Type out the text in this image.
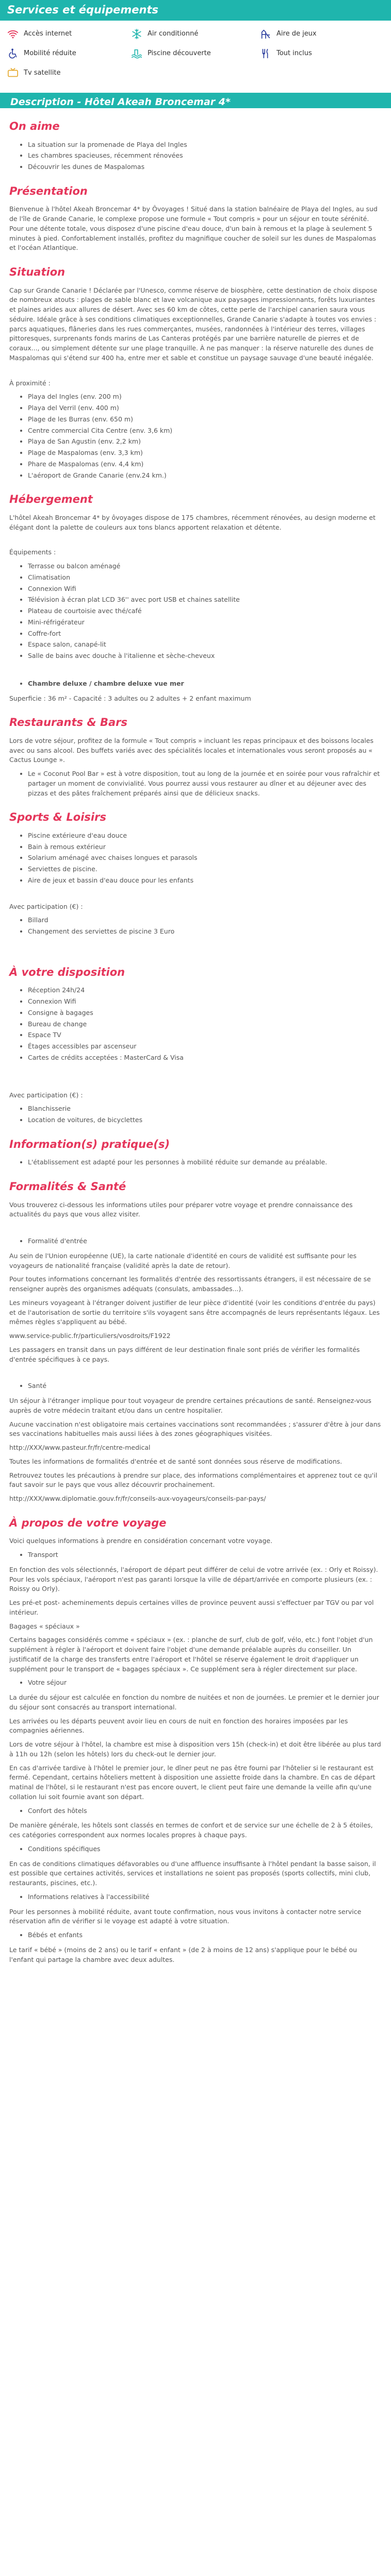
Services et équipements
Accès internet	Air conditionné	Aire de jeux
Mobilité réduite	Piscine découverte	Tout inclus
Tv satellite
Description - Hôtel Akeah Broncemar 4*
On aime
• La situation sur la promenade de Playa del Ingles
• Les chambres spacieuses, récemment rénovées
• Découvrir les dunes de Maspalomas
Présentation

Bienvenue à l'hôtel Akeah Broncemar 4* by Ôvoyages ! Situé dans la station balnéaire de Playa del Ingles, au sud de l'île de Grande Canarie, le complexe propose une formule « Tout compris » pour un séjour en toute sérénité. Pour une détente totale, vous disposez d'une piscine d'eau douce, d'un bain à remous et la plage à seulement 5 minutes à pied. Confortablement installés, profitez du magnifique coucher de soleil sur les dunes de Maspalomas et l'océan Atlantique.

Situation

Cap sur Grande Canarie ! Déclarée par l'Unesco, comme réserve de biosphère, cette destination de choix dispose de nombreux atouts : plages de sable blanc et lave volcanique aux paysages impressionnants, forêts luxuriantes et plaines arides aux allures de désert. Avec ses 60 km de côtes, cette perle de l'archipel canarien saura vous séduire. Idéale grâce à ses conditions climatiques exceptionnelles, Grande Canarie s'adapte à toutes vos envies : parcs aquatiques, flâneries dans les rues commerçantes, musées, randonnées à l'intérieur des terres, villages pittoresques, surprenants fonds marins de Las Canteras protégés par une barrière naturelle de pierres et de coraux..., ou simplement détente sur une plage tranquille. À ne pas manquer : la réserve naturelle des dunes de Maspalomas qui s'étend sur 400 ha, entre mer et sable et constitue un paysage sauvage d'une beauté inégalée.

À proximité :

• Playa del Ingles (env. 200 m)
• Playa del Verril (env. 400 m)
• Plage de les Burras (env. 650 m)
• Centre commercial Cita Centre (env. 3,6 km)
• Playa de San Agustin (env. 2,2 km)
• Plage de Maspalomas (env. 3,3 km)
• Phare de Maspalomas (env. 4,4 km)
• L'aéroport de Grande Canarie (env.24 km.)
Hébergement

L'hôtel Akeah Broncemar 4* by ôvoyages dispose de 175 chambres, récemment rénovées, au design moderne et élégant dont la palette de couleurs aux tons blancs apportent relaxation et détente.

Équipements :

• Terrasse ou balcon aménagé
• Climatisation
• Connexion Wifi
• Télévision à écran plat LCD 36'' avec port USB et chaines satellite
• Plateau de courtoisie avec thé/café
• Mini-réfrigérateur
• Coffre-fort
• Espace salon, canapé-lit
• Salle de bains avec douche à l'italienne et sèche-cheveux
• Chambre deluxe / chambre deluxe vue mer

Superficie : 36 m² - Capacité : 3 adultes ou 2 adultes + 2 enfant maximum

Restaurants & Bars

Lors de votre séjour, profitez de la formule « Tout compris » incluant les repas principaux et des boissons locales avec ou sans alcool. Des buffets variés avec des spécialités locales et internationales vous seront proposés au « Cactus Lounge ».

• Le « Coconut Pool Bar » est à votre disposition, tout au long de la journée et en soirée pour vous rafraîchir et partager un moment de convivialité. Vous pourrez aussi vous restaurer au dîner et au déjeuner avec des pizzas et des pâtes fraîchement préparés ainsi que de délicieux snacks.
Sports & Loisirs
• Piscine extérieure d'eau douce
• Bain à remous extérieur
• Solarium aménagé avec chaises longues et parasols
• Serviettes de piscine.
• Aire de jeux et bassin d'eau douce pour les enfants

Avec participation (€) :

• Billard
• Changement des serviettes de piscine 3 Euro
À votre disposition
• Réception 24h/24
• Connexion Wifi
• Consigne à bagages
• Bureau de change
• Espace TV
• Étages accessibles par ascenseur
• Cartes de crédits acceptées : MasterCard & Visa

Avec participation (€) :

• Blanchisserie
• Location de voitures, de bicyclettes
Information(s) pratique(s)
• L'établissement est adapté pour les personnes à mobilité réduite sur demande au préalable.
Formalités & Santé

Vous trouverez ci-dessous les informations utiles pour préparer votre voyage et prendre connaissance des actualités du pays que vous allez visiter.

• Formalité d'entrée

Au sein de l'Union européenne (UE), la carte nationale d'identité en cours de validité est suffisante pour les voyageurs de nationalité française (validité après la date de retour).

Pour toutes informations concernant les formalités d'entrée des ressortissants étrangers, il est nécessaire de se renseigner auprès des organismes adéquats (consulats, ambassades...).

Les mineurs voyageant à l'étranger doivent justifier de leur pièce d'identité (voir les conditions d'entrée du pays) et de l'autorisation de sortie du territoire s'ils voyagent sans être accompagnés de leurs représentants légaux. Les mêmes règles s'appliquent au bébé.

www.service-public.fr/particuliers/vosdroits/F1922

Les passagers en transit dans un pays différent de leur destination finale sont priés de vérifier les formalités d'entrée spécifiques à ce pays.

• Santé

Un séjour à l'étranger implique pour tout voyageur de prendre certaines précautions de santé. Renseignez-vous auprès de votre médecin traitant et/ou dans un centre hospitalier.

Aucune vaccination n'est obligatoire mais certaines vaccinations sont recommandées ; s'assurer d'être à jour dans ses vaccinations habituelles mais aussi liées à des zones géographiques visitées.

http://XXX/www.pasteur.fr/fr/centre-medical

Toutes les informations de formalités d'entrée et de santé sont données sous réserve de modifications.

Retrouvez toutes les précautions à prendre sur place, des informations complémentaires et apprenez tout ce qu'il faut savoir sur le pays que vous allez découvrir prochainement.

http://XXX/www.diplomatie.gouv.fr/fr/conseils-aux-voyageurs/conseils-par-pays/

À propos de votre voyage

Voici quelques informations à prendre en considération concernant votre voyage.

• Transport

En fonction des vols sélectionnés, l'aéroport de départ peut différer de celui de votre arrivée (ex. : Orly et Roissy). Pour les vols spéciaux, l'aéroport n'est pas garanti lorsque la ville de départ/arrivée en comporte plusieurs (ex. : Roissy ou Orly).

Les pré-et post- acheminements depuis certaines villes de province peuvent aussi s'effectuer par TGV ou par vol intérieur.

Bagages « spéciaux »

Certains bagages considérés comme « spéciaux » (ex. : planche de surf, club de golf, vélo, etc.) font l'objet d'un supplément à régler à l'aéroport et doivent faire l'objet d'une demande préalable auprès du conseiller. Un justificatif de la charge des transferts entre l'aéroport et l'hôtel se réserve également le droit d'appliquer un supplément pour le transport de « bagages spéciaux ». Ce supplément sera à régler directement sur place.

• Votre séjour

La durée du séjour est calculée en fonction du nombre de nuitées et non de journées. Le premier et le dernier jour du séjour sont consacrés au transport international.

Les arrivées ou les départs peuvent avoir lieu en cours de nuit en fonction des horaires imposées par les compagnies aériennes.

Lors de votre séjour à l'hôtel, la chambre est mise à disposition vers 15h (check-in) et doit être libérée au plus tard à 11h ou 12h (selon les hôtels) lors du check-out le dernier jour.

En cas d'arrivée tardive à l'hôtel le premier jour, le dîner peut ne pas être fourni par l'hôtelier si le restaurant est fermé. Cependant, certains hôteliers mettent à disposition une assiette froide dans la chambre. En cas de départ matinal de l'hôtel, si le restaurant n'est pas encore ouvert, le client peut faire une demande la veille afin qu'une collation lui soit fournie avant son départ.

• Confort des hôtels

De manière générale, les hôtels sont classés en termes de confort et de service sur une échelle de 2 à 5 étoiles, ces catégories correspondent aux normes locales propres à chaque pays.

• Conditions spécifiques

En cas de conditions climatiques défavorables ou d'une affluence insuffisante à l'hôtel pendant la basse saison, il est possible que certaines activités, services et installations ne soient pas proposés (sports collectifs, mini club, restaurants, piscines, etc.).

• Informations relatives à l'accessibilité

Pour les personnes à mobilité réduite, avant toute confirmation, nous vous invitons à contacter notre service réservation afin de vérifier si le voyage est adapté à votre situation.

• Bébés et enfants

Le tarif « bébé » (moins de 2 ans) ou le tarif « enfant » (de 2 à moins de 12 ans) s'applique pour le bébé ou l'enfant qui partage la chambre avec deux adultes.
